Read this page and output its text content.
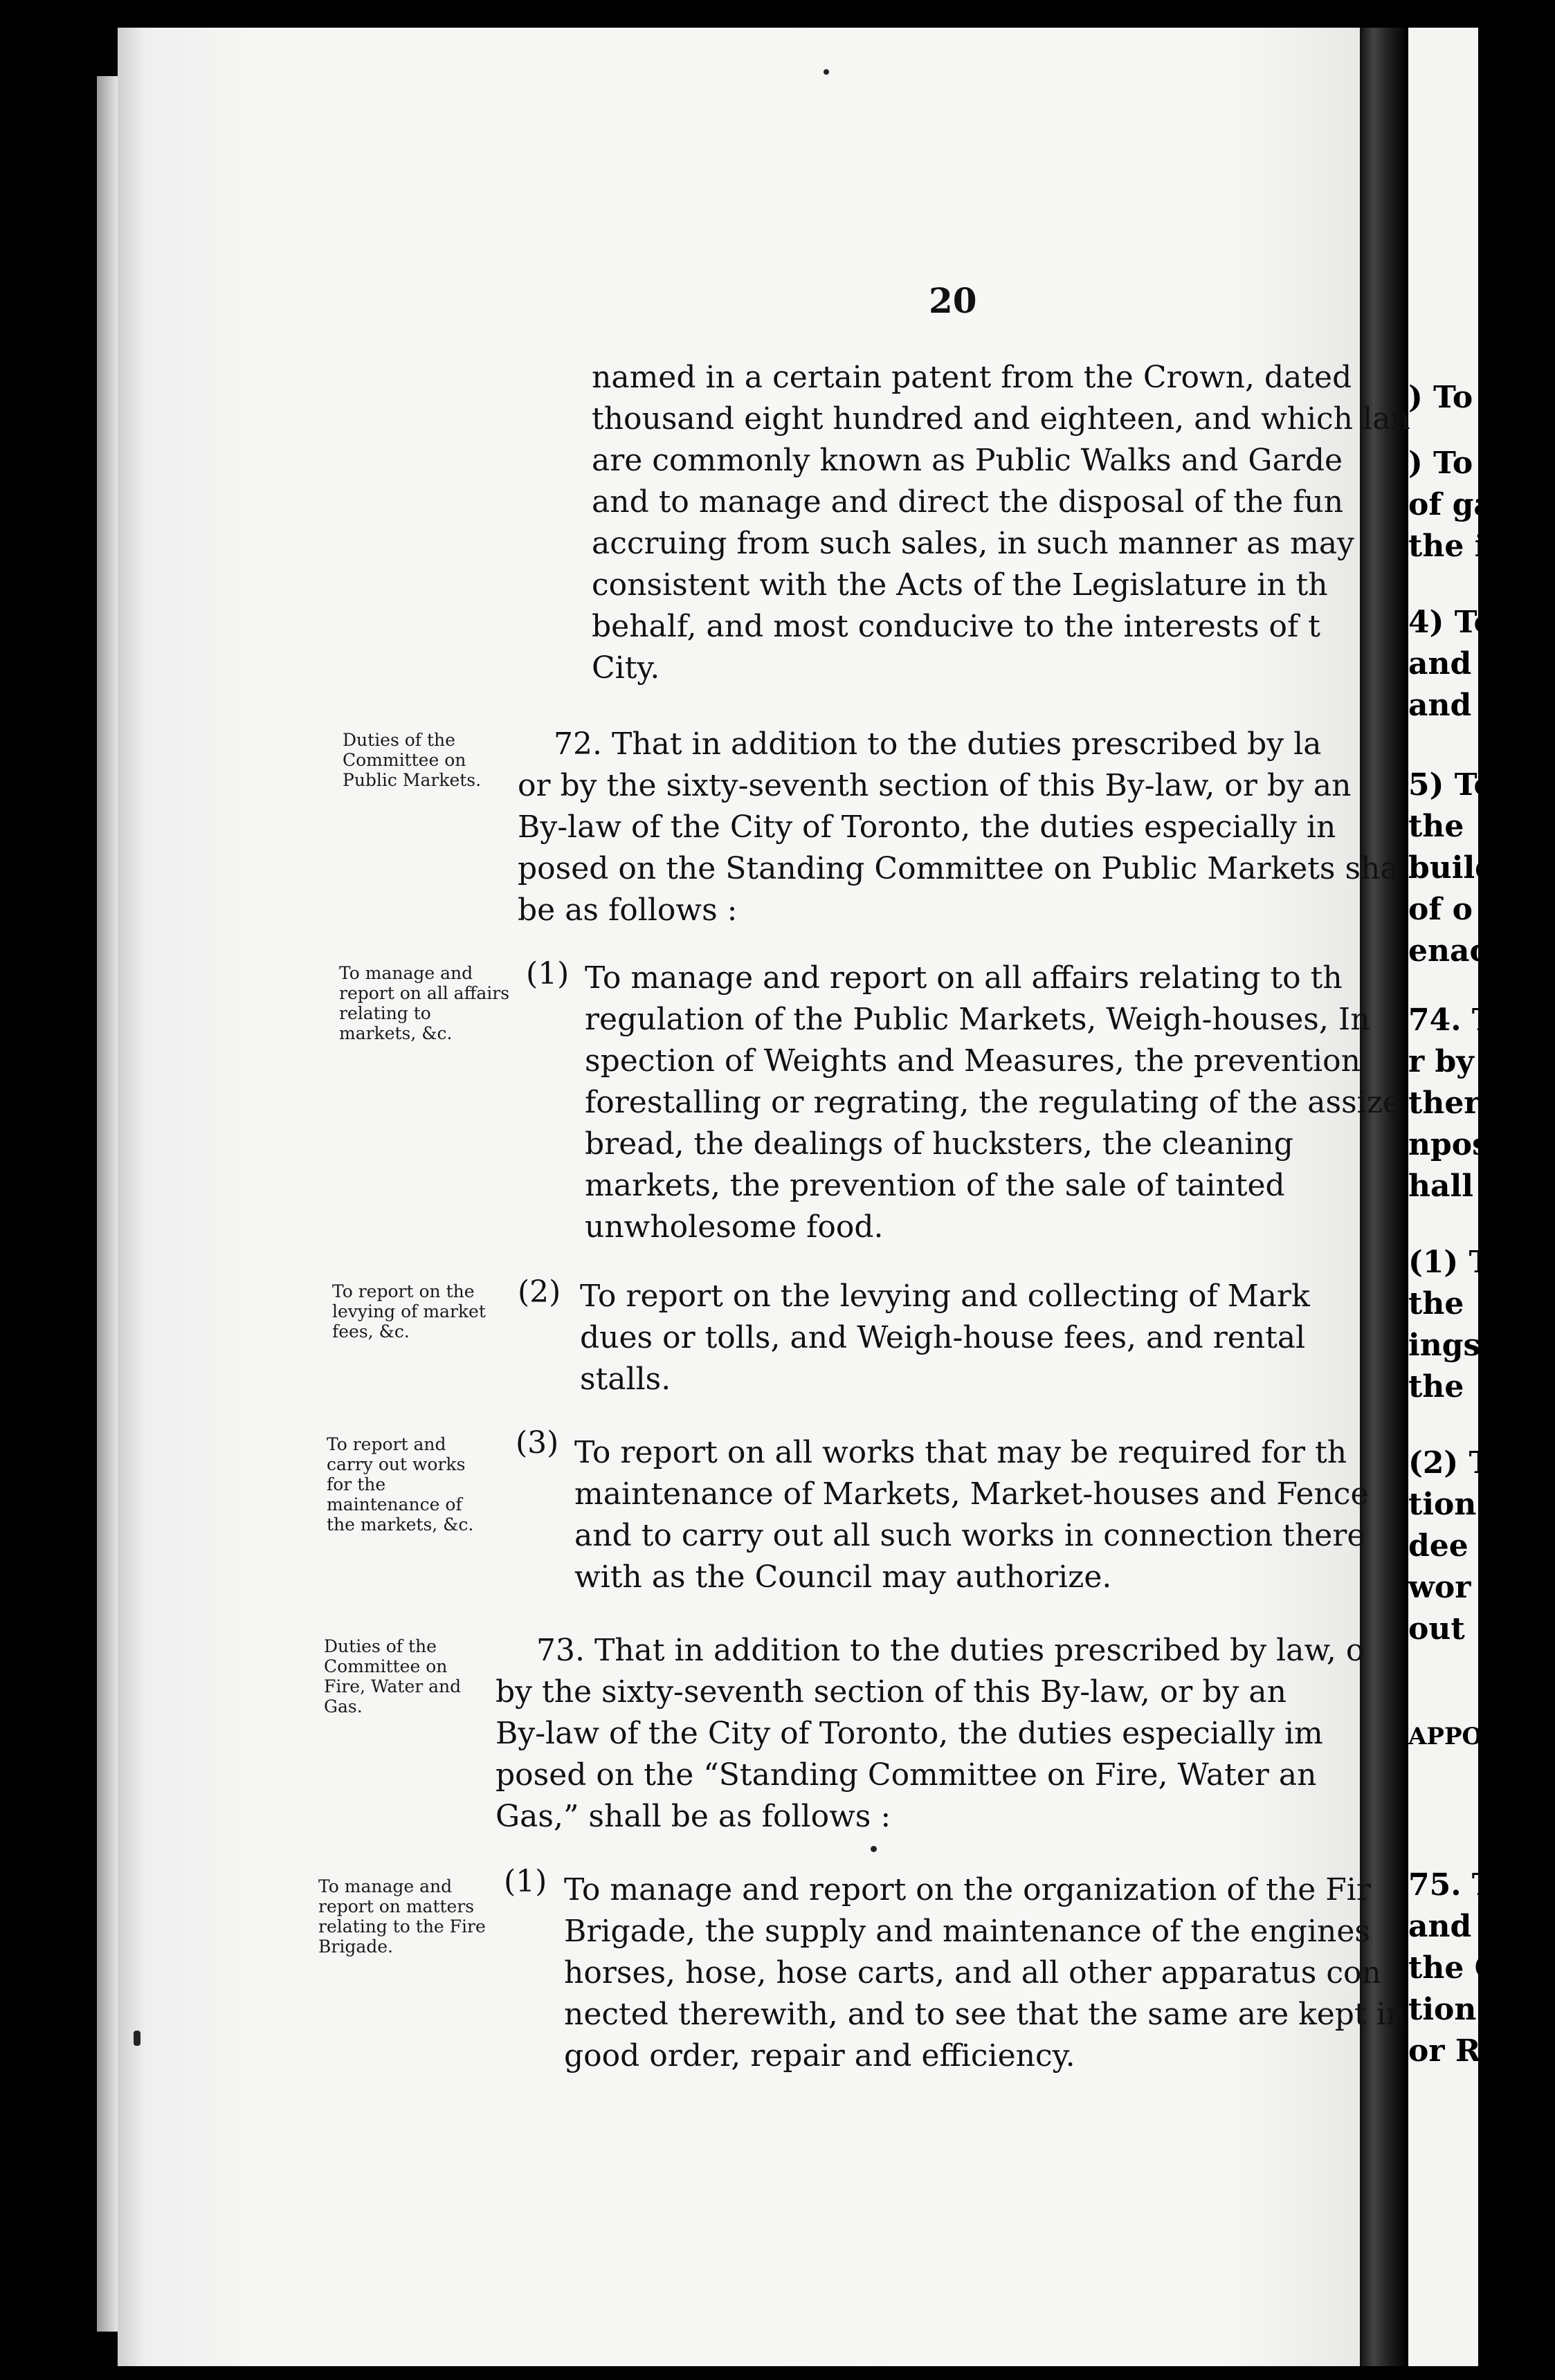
) To ap
) To rep
of gas
the in
4) To en
and t
and f
5) To co
the
build
of o
enact
74. Th
r by the
ther By-
nposed
hall be a
(1) To r
the
ings
the
(2) To
tion
dee
wor
out
APPO
75. T
and Ass
the Cha
tion to
or Reso
20
named in a certain patent from the Crown, dated
thousand eight hundred and eighteen, and which lan
are commonly known as Public Walks and Garde
and to manage and direct the disposal of the fun
accruing from such sales, in such manner as may
consistent with the Acts of the Legislature in th
behalf, and most conducive to the interests of t
City.
Duties of the Committee on Public Markets.
72. That in addition to the duties prescribed by la
or by the sixty-seventh section of this By-law, or by an
By-law of the City of Toronto, the duties especially in
posed on the Standing Committee on Public Markets sha
be as follows :
To manage and report on all affairs relating to markets, &c.
(1) To manage and report on all affairs relating to th
regulation of the Public Markets, Weigh-houses, In
spection of Weights and Measures, the prevention
forestalling or regrating, the regulating of the assize
bread, the dealings of hucksters, the cleaning
markets, the prevention of the sale of tainted
unwholesome food.
To report on the levying of market fees, &c.
(2) To report on the levying and collecting of Mark
dues or tolls, and Weigh-house fees, and rental
stalls.
To report and carry out works for the maintenance of the markets, &c.
(3) To report on all works that may be required for th
maintenance of Markets, Market-houses and Fence
and to carry out all such works in connection there
with as the Council may authorize.
Duties of the Committee on Fire, Water and Gas.
73. That in addition to the duties prescribed by law, o
by the sixty-seventh section of this By-law, or by an
By-law of the City of Toronto, the duties especially im
posed on the “Standing Committee on Fire, Water an
Gas,” shall be as follows :
To manage and report on matters relating to the Fire Brigade.
(1) To manage and report on the organization of the Fir
Brigade, the supply and maintenance of the engines
horses, hose, hose carts, and all other apparatus con
nected therewith, and to see that the same are kept in
good order, repair and efficiency.
